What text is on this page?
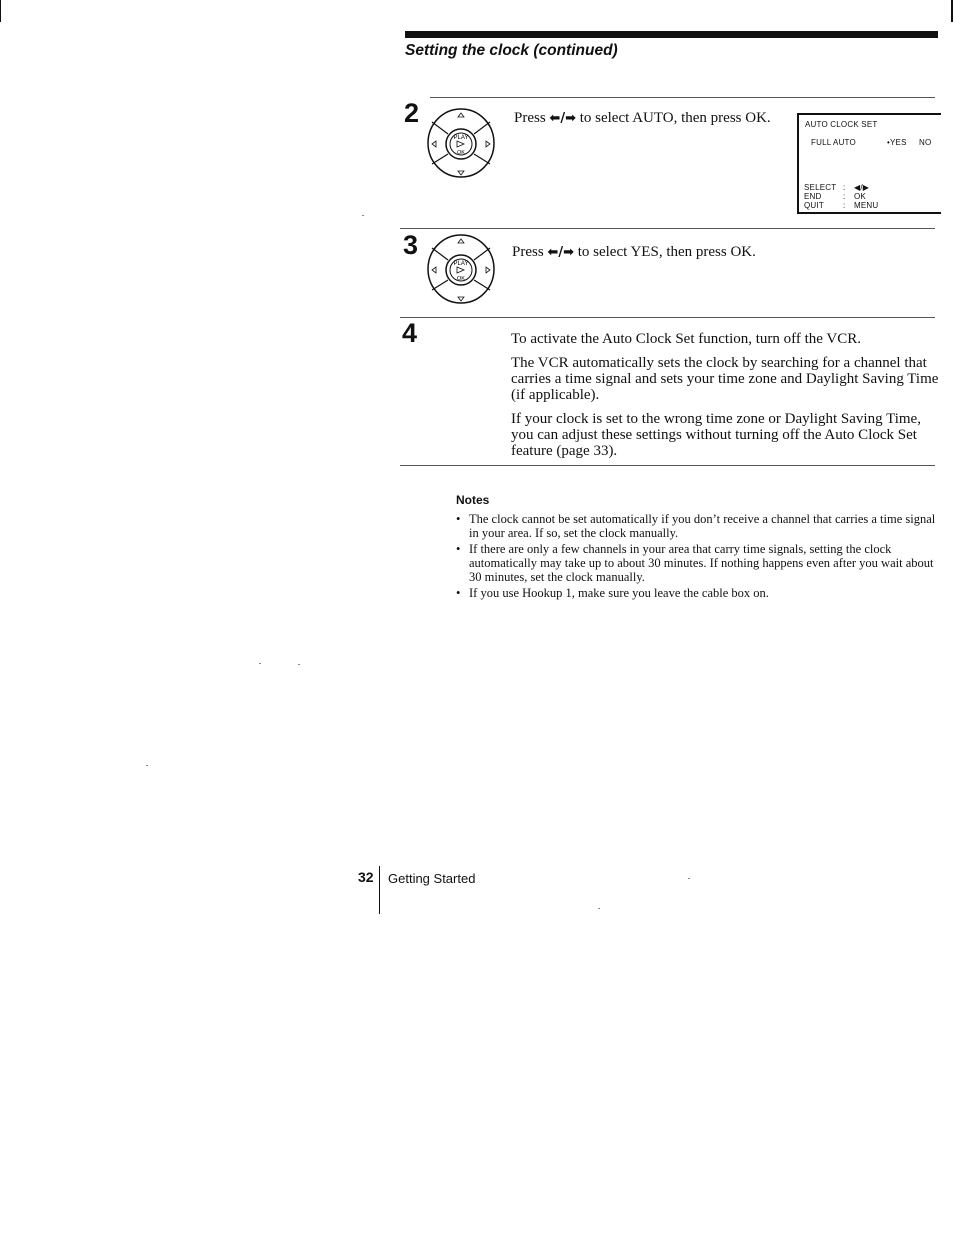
Setting the clock (continued)
2
PLAY
OK
Press ⬅/➡ to select AUTO, then press OK.	AUTO CLOCK SET
FULL AUTO	•YES NO
SELECT : ◀/▶
END	: OK
QUIT : MENU
3
PLAY
OK
Press ⬅/➡ to select YES, then press OK.
4	To activate the Auto Clock Set function, turn off the VCR.
The VCR automatically sets the clock by searching for a channel that carries a time signal and sets your time zone and Daylight Saving Time (if applicable).
If your clock is set to the wrong time zone or Daylight Saving Time, you can adjust these settings without turning off the Auto Clock Set feature (page 33).
Notes
• The clock cannot be set automatically if you don’t receive a channel that carries a time signal in your area. If so, set the clock manually.
• If there are only a few channels in your area that carry time signals, setting the clock automatically may take up to about 30 minutes. If nothing happens even after you wait about 30 minutes, set the clock manually.
• If you use Hookup 1, make sure you leave the cable box on.
32 Getting Started
